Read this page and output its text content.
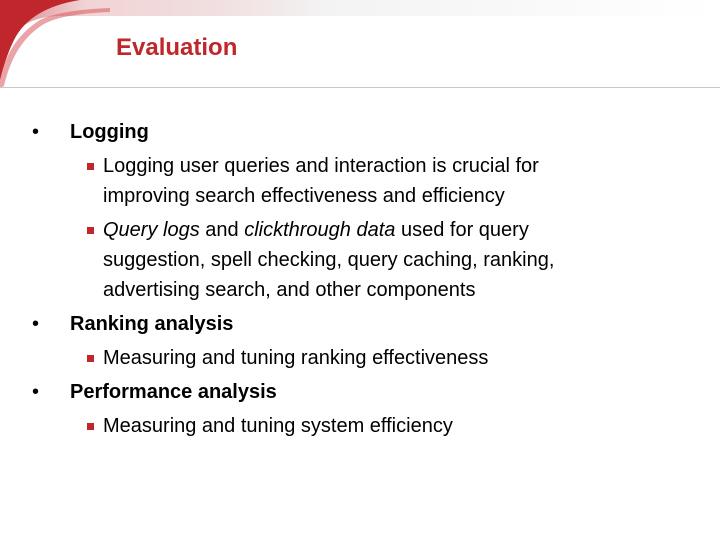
Evaluation
• Logging
Logging user queries and interaction is crucial for
improving search effectiveness and efficiency
Query logs and clickthrough data used for query
suggestion, spell checking, query caching, ranking,
advertising search, and other components
• Ranking analysis
Measuring and tuning ranking effectiveness
• Performance analysis
Measuring and tuning system efficiency
